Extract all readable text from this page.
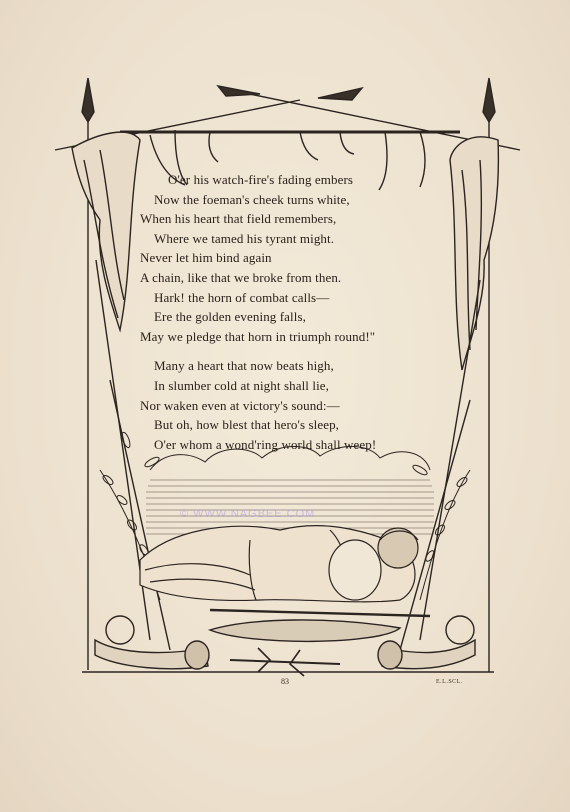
© WWW.NAGBEE.COM
O'er his watch-fire's fading embers
Now the foeman's cheek turns white,
When his heart that field remembers,
Where we tamed his tyrant might.
Never let him bind again
A chain, like that we broke from then.
Hark! the horn of combat calls—
Ere the golden evening falls,
May we pledge that horn in triumph round!"
Many a heart that now beats high,
In slumber cold at night shall lie,
Nor waken even at victory's sound:—
But oh, how blest that hero's sleep,
O'er whom a wond'ring world shall weep!
83	E.L.SCL.
